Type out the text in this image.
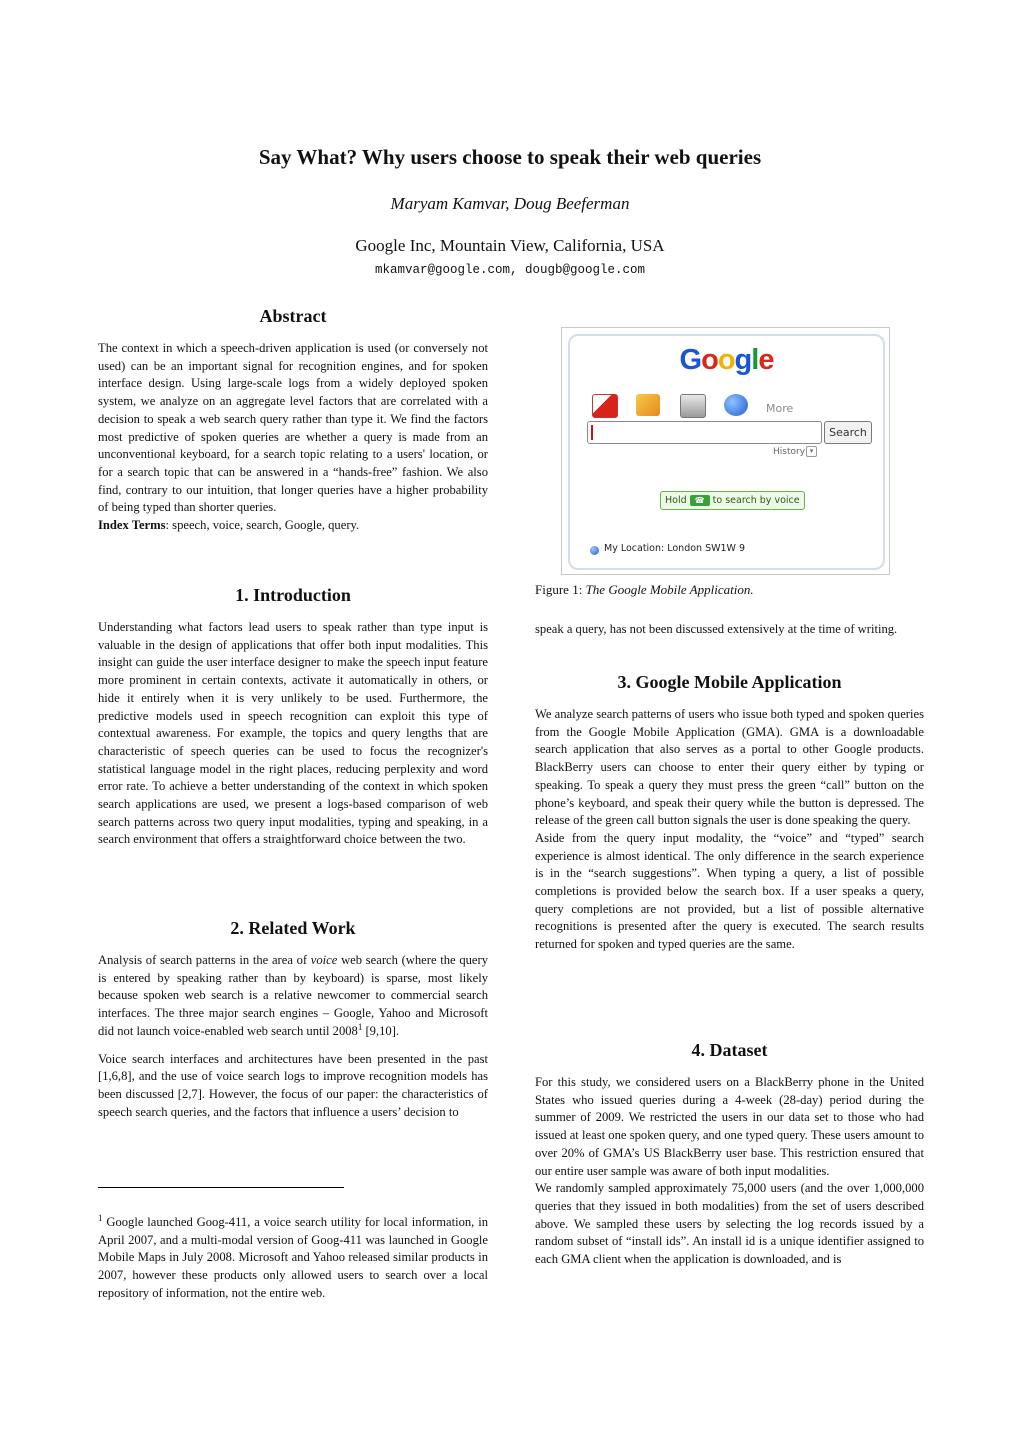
Say What? Why users choose to speak their web queries
Maryam Kamvar, Doug Beeferman
Google Inc, Mountain View, California, USA
mkamvar@google.com, dougb@google.com
Abstract

The context in which a speech-driven application is used (or conversely not used) can be an important signal for recognition engines, and for spoken interface design. Using large-scale logs from a widely deployed spoken system, we analyze on an aggregate level factors that are correlated with a decision to speak a web search query rather than type it. We find the factors most predictive of spoken queries are whether a query is made from an unconventional keyboard, for a search topic relating to a users' location, or for a search topic that can be answered in a “hands-free” fashion. We also find, contrary to our intuition, that longer queries have a higher probability of being typed than shorter queries.

Index Terms: speech, voice, search, Google, query.

1. Introduction

Understanding what factors lead users to speak rather than type input is valuable in the design of applications that offer both input modalities. This insight can guide the user interface designer to make the speech input feature more prominent in certain contexts, activate it automatically in others, or hide it entirely when it is very unlikely to be used. Furthermore, the predictive models used in speech recognition can exploit this type of contextual awareness. For example, the topics and query lengths that are characteristic of speech queries can be used to focus the recognizer's statistical language model in the right places, reducing perplexity and word error rate. To achieve a better understanding of the context in which spoken search applications are used, we present a logs-based comparison of web search patterns across two query input modalities, typing and speaking, in a search environment that offers a straightforward choice between the two.

2. Related Work

Analysis of search patterns in the area of voice web search (where the query is entered by speaking rather than by keyboard) is sparse, most likely because spoken web search is a relative newcomer to commercial search interfaces. The three major search engines – Google, Yahoo and Microsoft did not launch voice-enabled web search until 2008$^1$ [9,10].

Voice search interfaces and architectures have been presented in the past [1,6,8], and the use of voice search logs to improve recognition models has been discussed [2,7]. However, the focus of our paper: the characteristics of speech search queries, and the factors that influence a users’ decision to

$^1$ Google launched Goog-411, a voice search utility for local information, in April 2007, and a multi-modal version of Goog-411 was launched in Google Mobile Maps in July 2008. Microsoft and Yahoo released similar products in 2007, however these products only allowed users to search over a local repository of information, not the entire web.
Google
More
Search
History ▾
Hold ☎ to search by voice
My Location: London SW1W 9
Figure 1: The Google Mobile Application.

speak a query, has not been discussed extensively at the time of writing.

3. Google Mobile Application

We analyze search patterns of users who issue both typed and spoken queries from the Google Mobile Application (GMA). GMA is a downloadable search application that also serves as a portal to other Google products. BlackBerry users can choose to enter their query either by typing or speaking. To speak a query they must press the green “call” button on the phone’s keyboard, and speak their query while the button is depressed. The release of the green call button signals the user is done speaking the query.

Aside from the query input modality, the “voice” and “typed” search experience is almost identical. The only difference in the search experience is in the “search suggestions”. When typing a query, a list of possible completions is provided below the search box. If a user speaks a query, query completions are not provided, but a list of possible alternative recognitions is presented after the query is executed. The search results returned for spoken and typed queries are the same.

4. Dataset

For this study, we considered users on a BlackBerry phone in the United States who issued queries during a 4-week (28-day) period during the summer of 2009. We restricted the users in our data set to those who had issued at least one spoken query, and one typed query. These users amount to over 20% of GMA’s US BlackBerry user base. This restriction ensured that our entire user sample was aware of both input modalities.

We randomly sampled approximately 75,000 users (and the over 1,000,000 queries that they issued in both modalities) from the set of users described above. We sampled these users by selecting the log records issued by a random subset of “install ids”. An install id is a unique identifier assigned to each GMA client when the application is downloaded, and is
